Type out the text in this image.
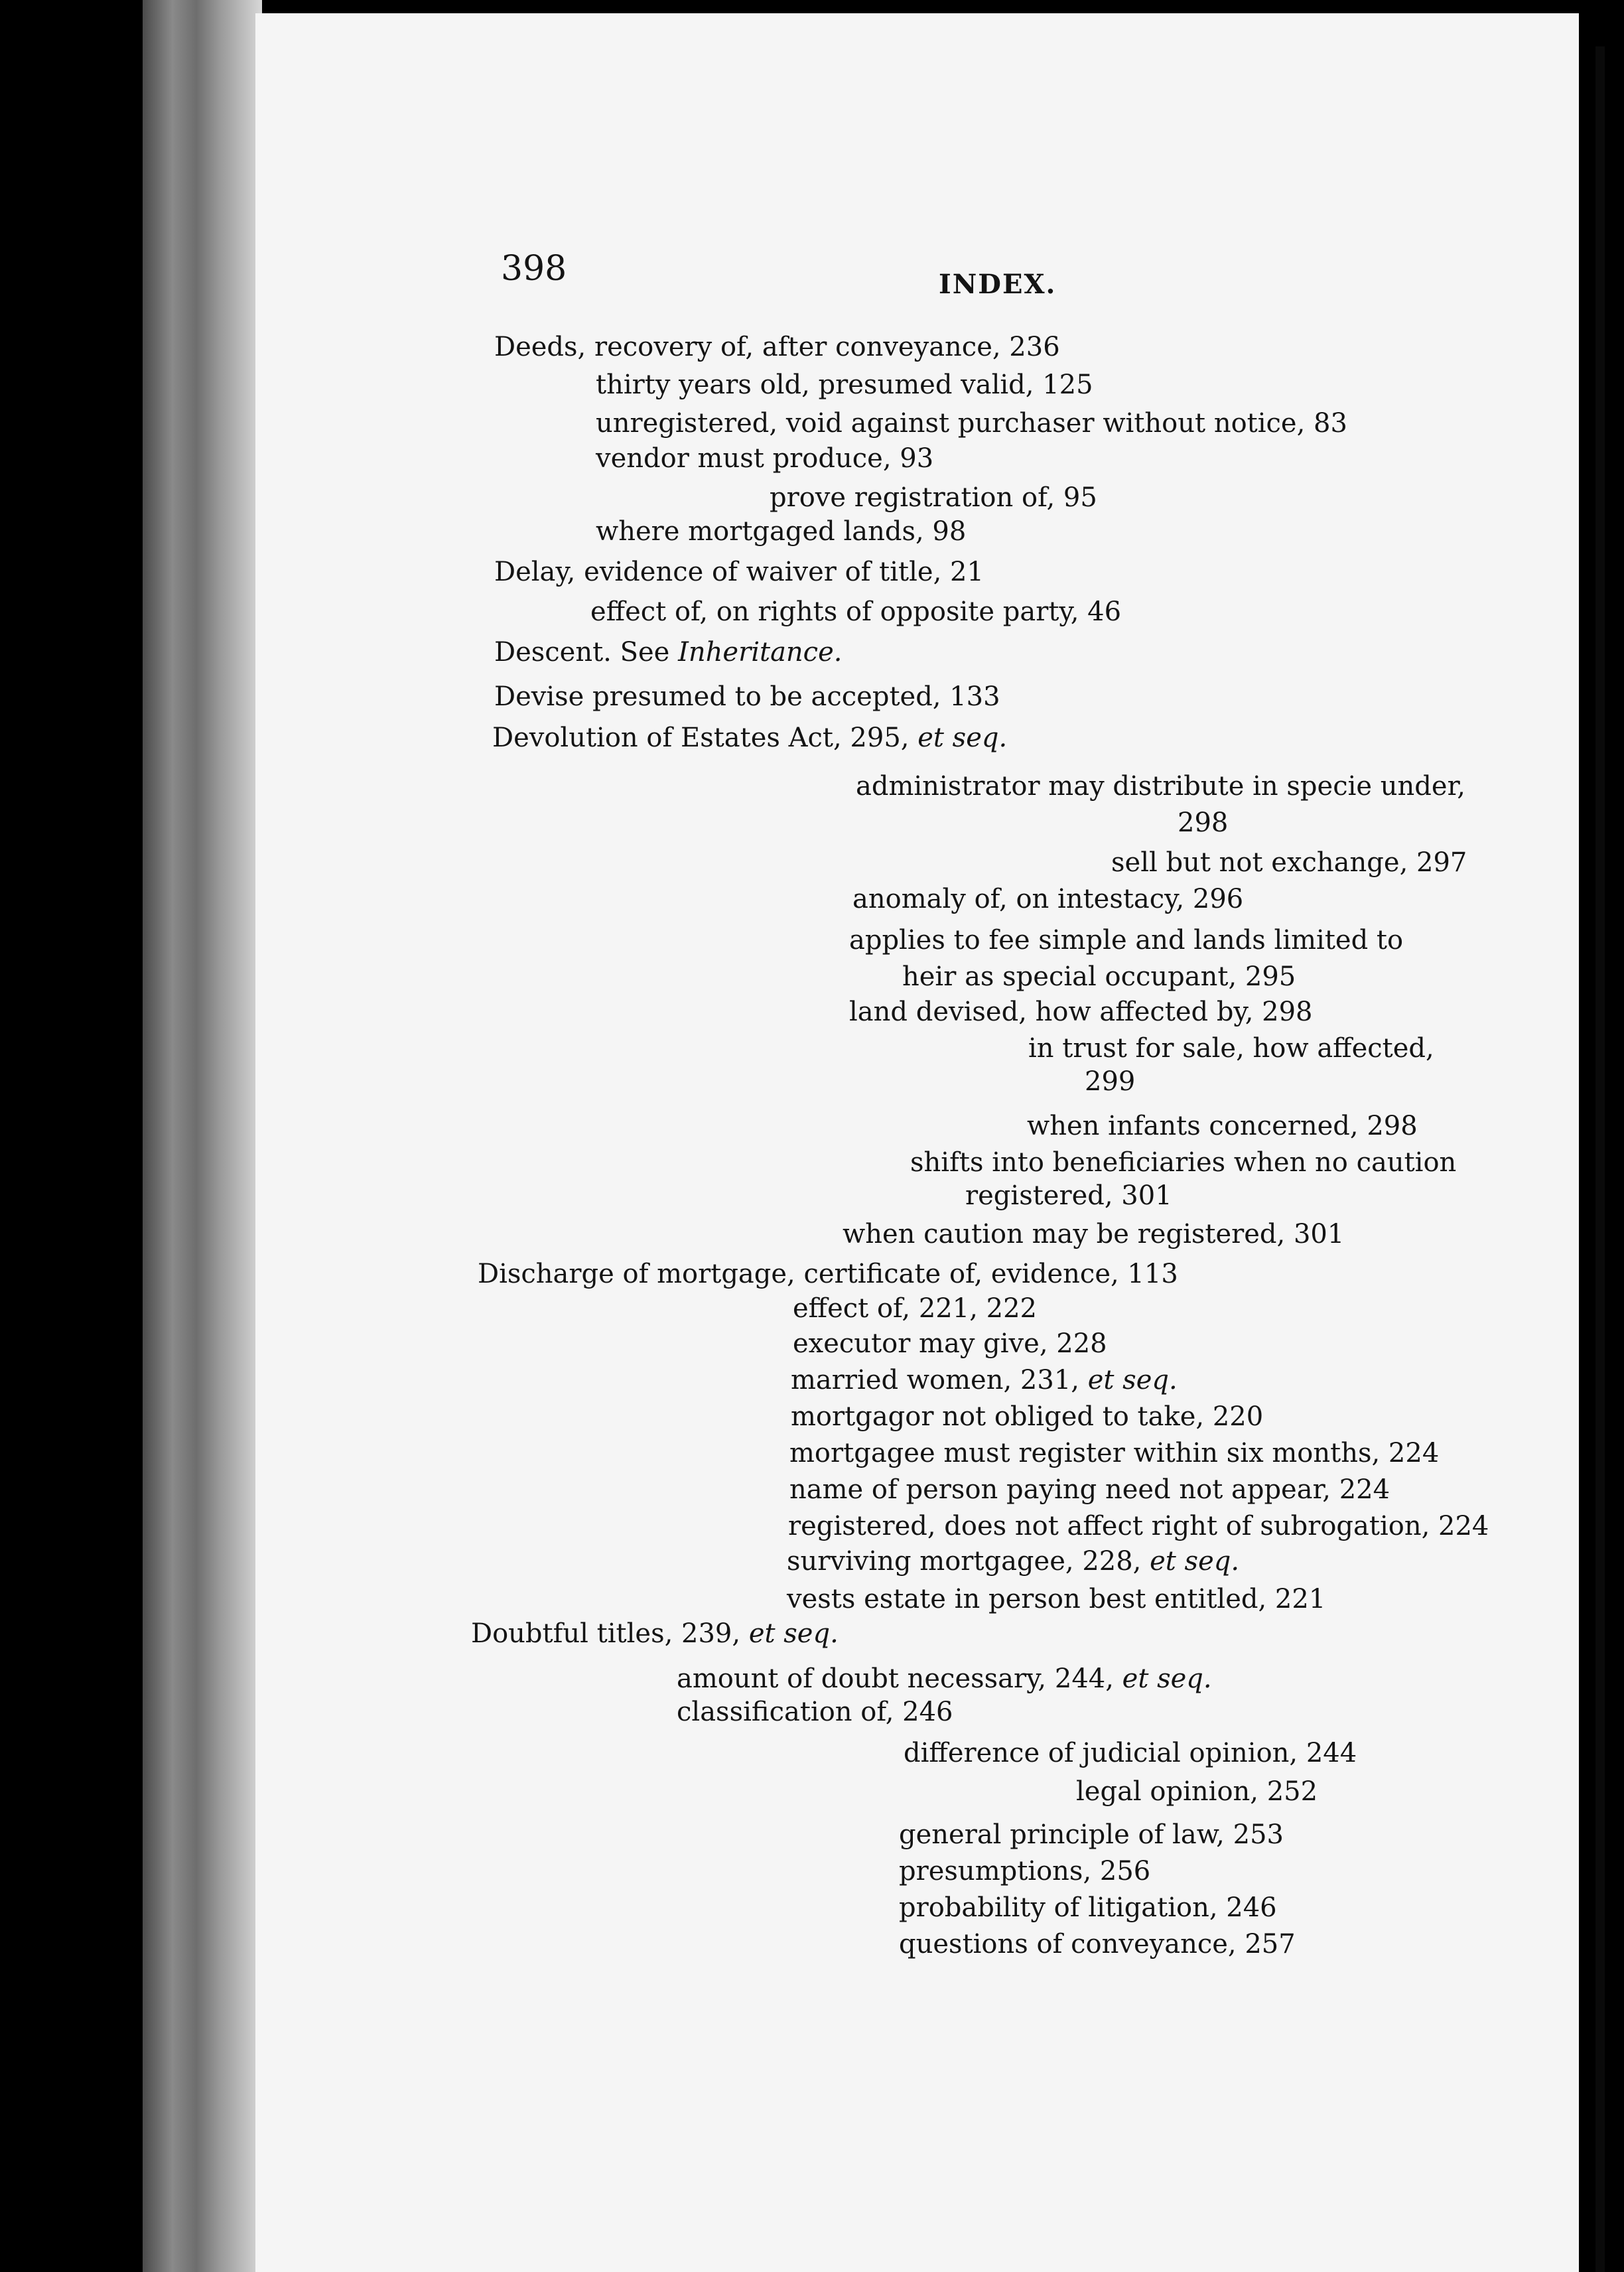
398	INDEX.
Deeds, recovery of, after conveyance, 236
thirty years old, presumed valid, 125
unregistered, void against purchaser without notice, 83
vendor must produce, 93
prove registration of, 95
where mortgaged lands, 98
Delay, evidence of waiver of title, 21
effect of, on rights of opposite party, 46
Descent. See Inheritance.
Devise presumed to be accepted, 133
Devolution of Estates Act, 295, et seq.
administrator may distribute in specie under,
298
sell but not exchange, 297
anomaly of, on intestacy, 296
applies to fee simple and lands limited to
heir as special occupant, 295
land devised, how affected by, 298
in trust for sale, how affected,
299
when infants concerned, 298
shifts into beneficiaries when no caution
registered, 301
when caution may be registered, 301
Discharge of mortgage, certificate of, evidence, 113
effect of, 221, 222
executor may give, 228
married women, 231, et seq.
mortgagor not obliged to take, 220
mortgagee must register within six months, 224
name of person paying need not appear, 224
registered, does not affect right of subrogation, 224
surviving mortgagee, 228, et seq.
vests estate in person best entitled, 221
Doubtful titles, 239, et seq.
amount of doubt necessary, 244, et seq.
classification of, 246
difference of judicial opinion, 244
legal opinion, 252
general principle of law, 253
presumptions, 256
probability of litigation, 246
questions of conveyance, 257
